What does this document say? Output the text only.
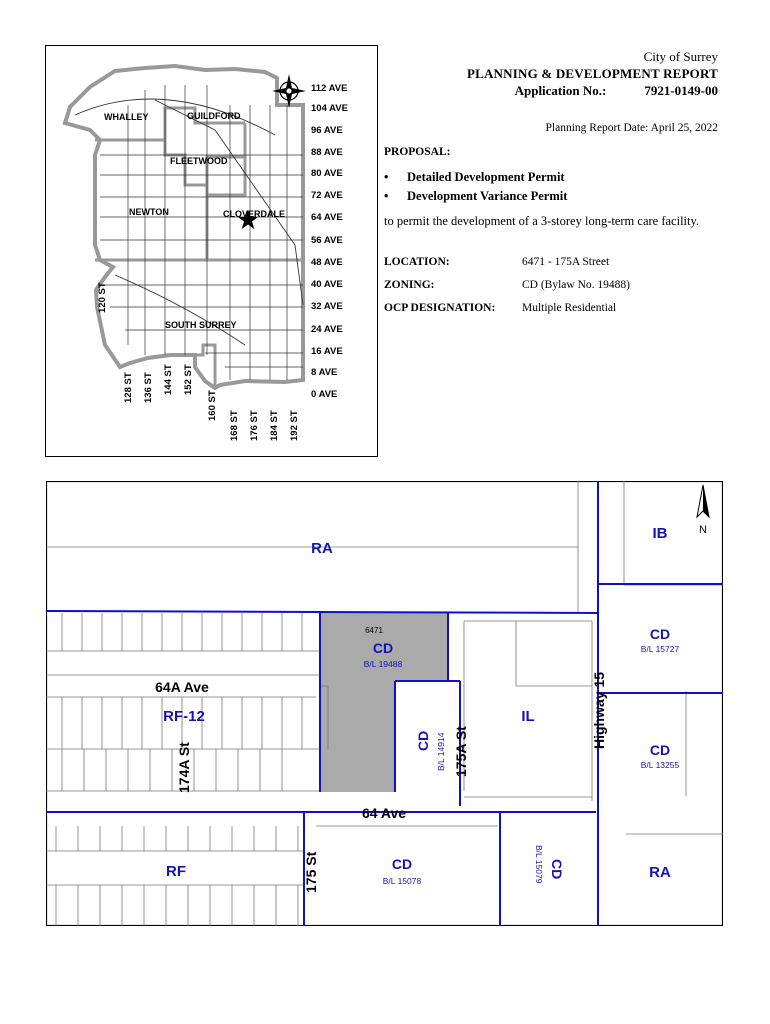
WHALLEY	GUILDFORD
FLEETWOOD
NEWTON	CLOVERDALE
SOUTH SURREY
112 AVE
104 AVE
96 AVE
88 AVE
80 AVE
72 AVE
64 AVE
56 AVE
48 AVE
40 AVE
32 AVE
24 AVE
16 AVE
8 AVE
0 AVE
120 ST
128 ST 136 ST 144 ST 152 ST
160 ST
168 ST 176 ST 184 ST 192 ST
City of Surrey
PLANNING & DEVELOPMENT REPORT
Application No.:	7921-0149-00
Planning Report Date: April 25, 2022
PROPOSAL:
• Detailed Development Permit
• Development Variance Permit
to permit the development of a 3-storey long-term care facility.
LOCATION:	6471 - 175A Street
ZONING:	CD (Bylaw No. 19488)
OCP DESIGNATION: Multiple Residential
N
RA
IB
6471
CD
B/L 19488
CD
B/L 15727
RF-12
CD B/L 14914
IL
CD
B/L 13255
RF	CD
B/L 15078
CD
B/L 15079	RA
64A Ave
64 Ave
174A St	175A St
175 St
Highway 15
